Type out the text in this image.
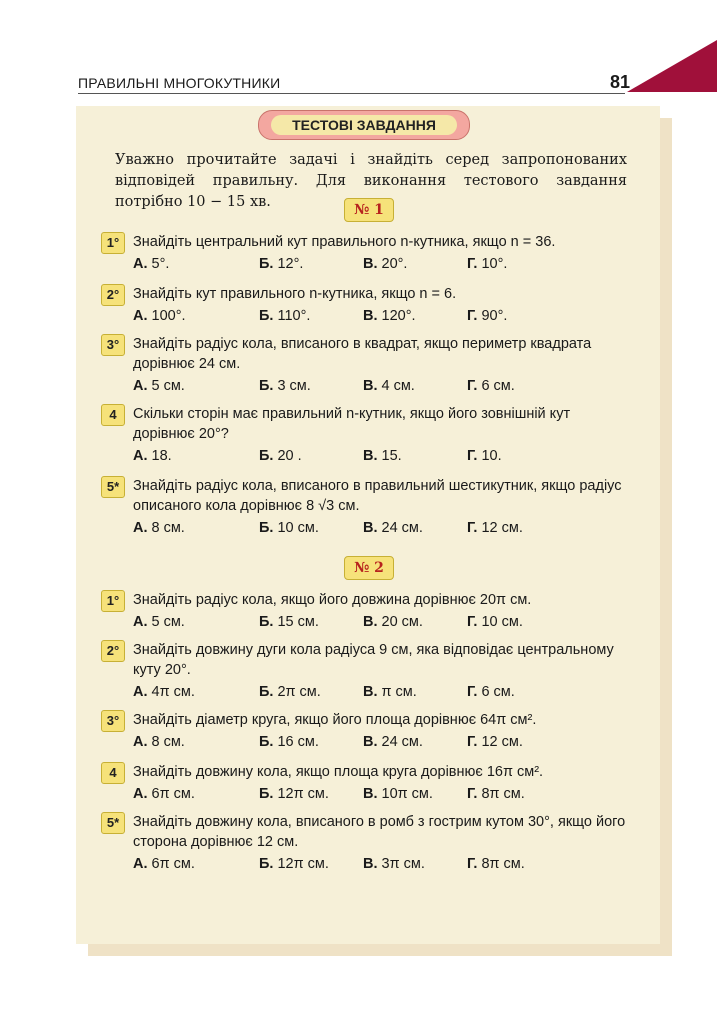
ПРАВИЛЬНІ МНОГОКУТНИКИ	81
ТЕСТОВІ ЗАВДАННЯ
Уважно прочитайте задачі і знайдіть серед запропонованих відповідей правильну. Для виконання тестового завдання потрібно 10 − 15 хв.	№ 1
1° Знайдіть центральний кут правильного n-кутника, якщо n = 36.
А. 5°.	Б. 12°.	В. 20°.	Г. 10°.
2° Знайдіть кут правильного n-кутника, якщо n = 6.
А. 100°.	Б. 110°.	В. 120°.	Г. 90°.
3° Знайдіть радіус кола, вписаного в квадрат, якщо периметр квадрата дорівнює 24 см.
А. 5 см.	Б. 3 см.	В. 4 см.	Г. 6 см.
4	Скільки сторін має правильний n-кутник, якщо його зовнішній кут дорівнює 20°?
А. 18.	Б. 20 .	В. 15.	Г. 10.
5* Знайдіть радіус кола, вписаного в правильний шестикутник, якщо радіус описаного кола дорівнює 8 √3 см.
А. 8 см.	Б. 10 см.	В. 24 см.	Г. 12 см.
№ 2
1° Знайдіть радіус кола, якщо його довжина дорівнює 20π см.
А. 5 см.	Б. 15 см.	В. 20 см.	Г. 10 см.
2° Знайдіть довжину дуги кола радіуса 9 см, яка відповідає центральному куту 20°.
А. 4π см.	Б. 2π см.	В. π см.	Г. 6 см.
3° Знайдіть діаметр круга, якщо його площа дорівнює 64π см².
А. 8 см.	Б. 16 см.	В. 24 см.	Г. 12 см.
4	Знайдіть довжину кола, якщо площа круга дорівнює 16π см².
А. 6π см.	Б. 12π см. В. 10π см. Г. 8π см.
5* Знайдіть довжину кола, вписаного в ромб з гострим кутом 30°, якщо його сторона дорівнює 12 см.
А. 6π см.	Б. 12π см. В. 3π см.	Г. 8π см.
